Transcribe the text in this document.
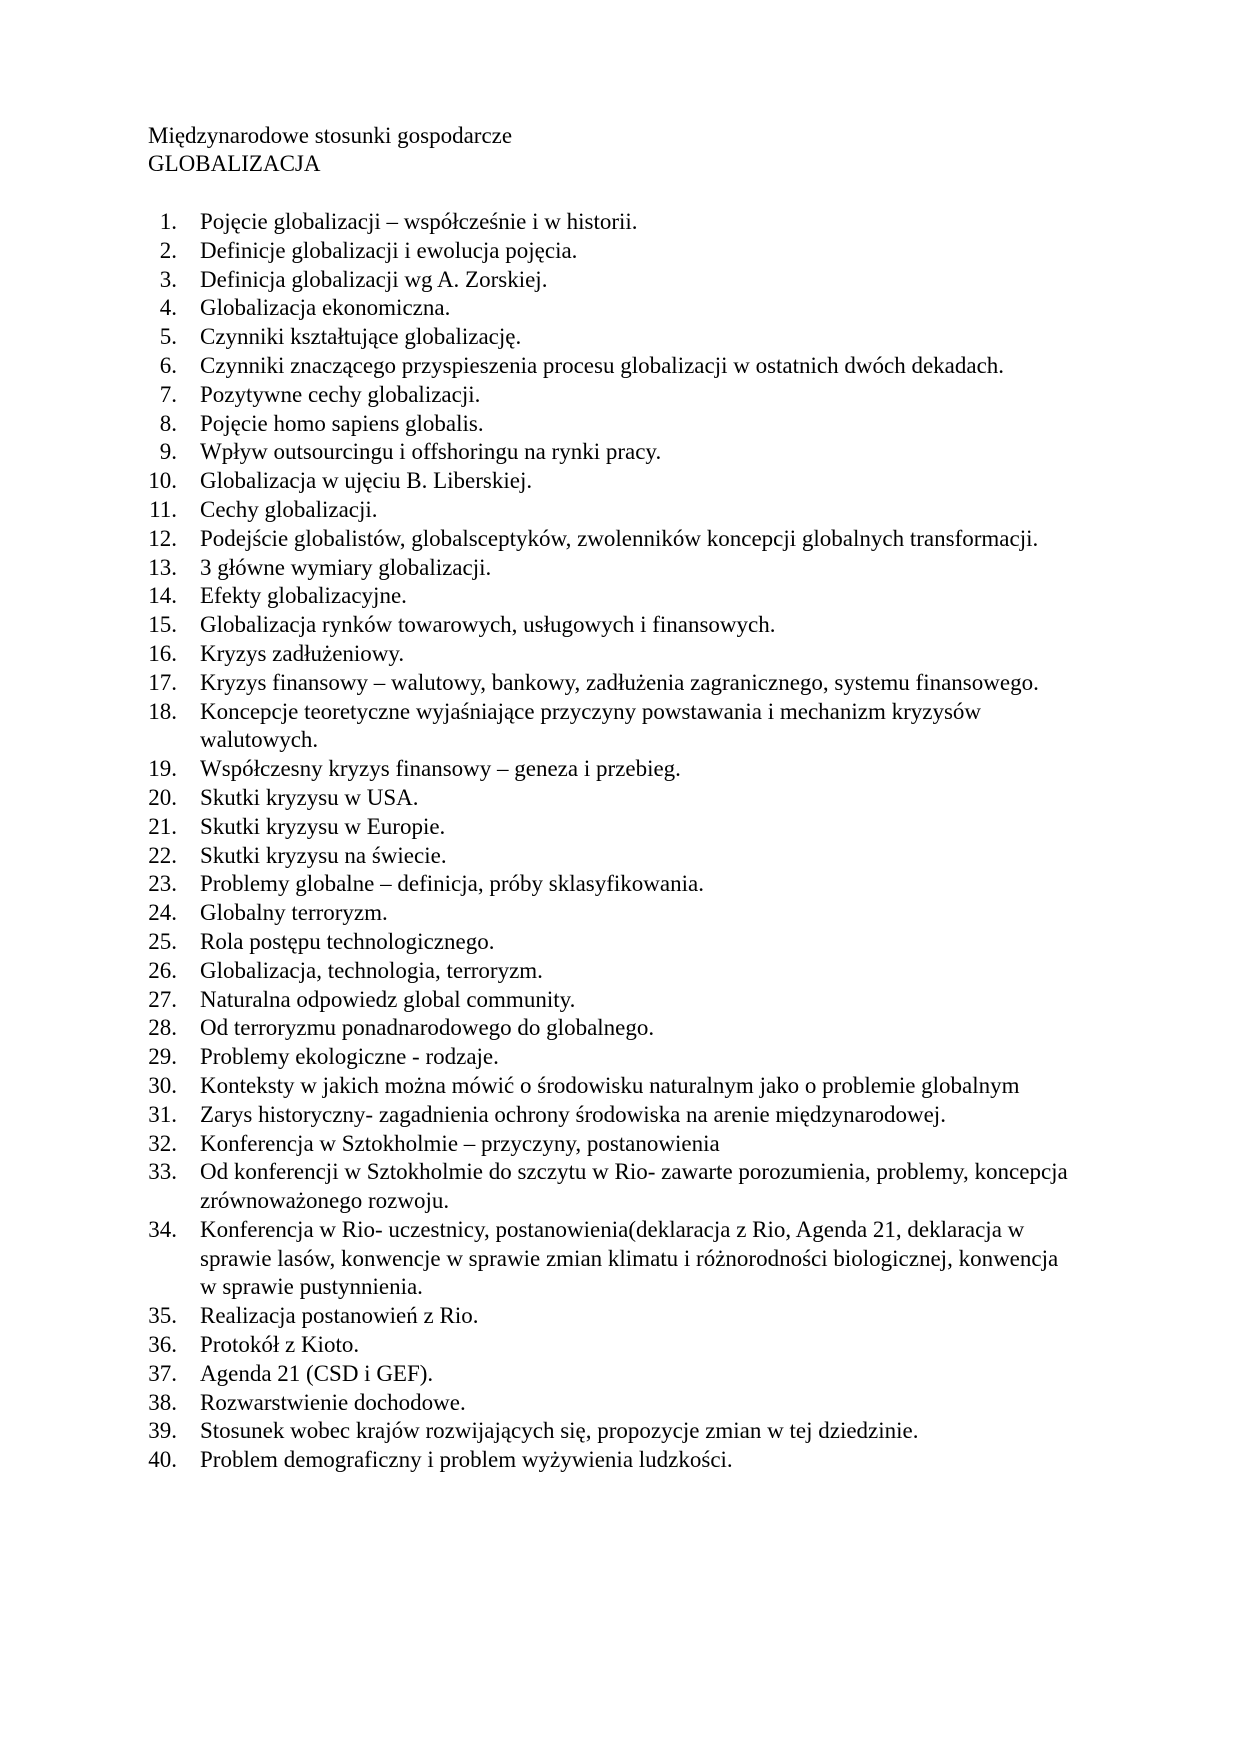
Międzynarodowe stosunki gospodarcze
GLOBALIZACJA
1.	Pojęcie globalizacji – współcześnie i w historii.
2.	Definicje globalizacji i ewolucja pojęcia.
3.	Definicja globalizacji wg A. Zorskiej.
4.	Globalizacja ekonomiczna.
5.	Czynniki kształtujące globalizację.
6.	Czynniki znaczącego przyspieszenia procesu globalizacji w ostatnich dwóch dekadach.
7.	Pozytywne cechy globalizacji.
8.	Pojęcie homo sapiens globalis.
9.	Wpływ outsourcingu i offshoringu na rynki pracy.
10.	Globalizacja w ujęciu B. Liberskiej.
11.	Cechy globalizacji.
12.	Podejście globalistów, globalsceptyków, zwolenników koncepcji globalnych transformacji.
13.	3 główne wymiary globalizacji.
14.	Efekty globalizacyjne.
15.	Globalizacja rynków towarowych, usługowych i finansowych.
16.	Kryzys zadłużeniowy.
17.	Kryzys finansowy – walutowy, bankowy, zadłużenia zagranicznego, systemu finansowego.
18.	Koncepcje teoretyczne wyjaśniające przyczyny powstawania i mechanizm kryzysów walutowych.
19.	Współczesny kryzys finansowy – geneza i przebieg.
20.	Skutki kryzysu w USA.
21.	Skutki kryzysu w Europie.
22.	Skutki kryzysu na świecie.
23.	Problemy globalne – definicja, próby sklasyfikowania.
24.	Globalny terroryzm.
25.	Rola postępu technologicznego.
26.	Globalizacja, technologia, terroryzm.
27.	Naturalna odpowiedz global community.
28.	Od terroryzmu ponadnarodowego do globalnego.
29.	Problemy ekologiczne - rodzaje.
30.	Konteksty w jakich można mówić o środowisku naturalnym jako o problemie globalnym
31.	Zarys historyczny- zagadnienia ochrony środowiska na arenie międzynarodowej.
32.	Konferencja w Sztokholmie – przyczyny, postanowienia
33.	Od konferencji w Sztokholmie do szczytu w Rio- zawarte porozumienia, problemy, koncepcja zrównoważonego rozwoju.
34.	Konferencja w Rio- uczestnicy, postanowienia(deklaracja z Rio, Agenda 21, deklaracja w sprawie lasów, konwencje w sprawie zmian klimatu i różnorodności biologicznej, konwencja w sprawie pustynnienia.
35.	Realizacja postanowień z Rio.
36.	Protokół z Kioto.
37.	Agenda 21 (CSD i GEF).
38.	Rozwarstwienie dochodowe.
39.	Stosunek wobec krajów rozwijających się, propozycje zmian w tej dziedzinie.
40.	Problem demograficzny i problem wyżywienia ludzkości.
